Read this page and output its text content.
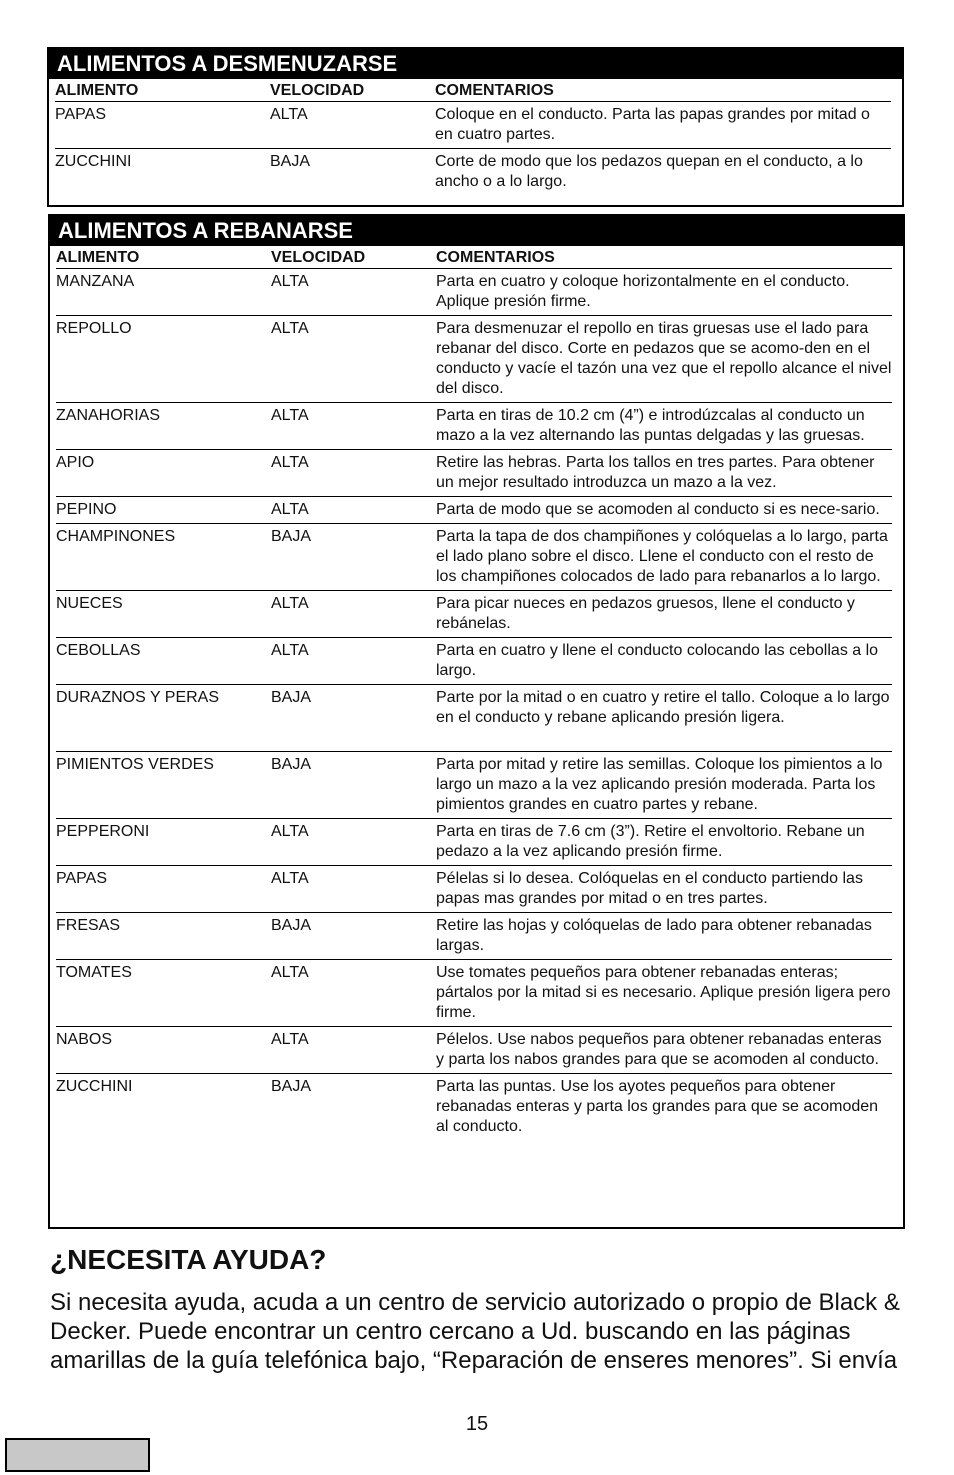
ALIMENTOS A DESMENUZARSE
ALIMENTO	VELOCIDAD	COMENTARIOS
PAPAS	ALTA	Coloque en el conducto. Parta las papas grandes por mitad o en cuatro partes.
ZUCCHINI	BAJA	Corte de modo que los pedazos quepan en el conducto, a lo ancho o a lo largo.
ALIMENTOS A REBANARSE
ALIMENTO	VELOCIDAD	COMENTARIOS
MANZANA	ALTA	Parta en cuatro y coloque horizontalmente en el conducto. Aplique presión firme.
REPOLLO	ALTA	Para desmenuzar el repollo en tiras gruesas use el lado para rebanar del disco. Corte en pedazos que se acomo-den en el conducto y vacíe el tazón una vez que el repollo alcance el nivel del disco.
ZANAHORIAS	ALTA	Parta en tiras de 10.2 cm (4”) e introdúzcalas al conducto un mazo a la vez alternando las puntas delgadas y las gruesas.
APIO	ALTA	Retire las hebras. Parta los tallos en tres partes. Para obtener un mejor resultado introduzca un mazo a la vez.
PEPINO	ALTA	Parta de modo que se acomoden al conducto si es nece-sario.
CHAMPINONES	BAJA	Parta la tapa de dos champiñones y colóquelas a lo largo, parta el lado plano sobre el disco. Llene el conducto con el resto de los champiñones colocados de lado para rebanarlos a lo largo.
NUECES	ALTA	Para picar nueces en pedazos gruesos, llene el conducto y rebánelas.
CEBOLLAS	ALTA	Parta en cuatro y llene el conducto colocando las cebollas a lo largo.
DURAZNOS Y PERAS	BAJA	Parte por la mitad o en cuatro y retire el tallo. Coloque a lo largo en el conducto y rebane aplicando presión ligera.
PIMIENTOS VERDES	BAJA	Parta por mitad y retire las semillas. Coloque los pimientos a lo largo un mazo a la vez aplicando presión moderada. Parta los pimientos grandes en cuatro partes y rebane.
PEPPERONI	ALTA	Parta en tiras de 7.6 cm (3”). Retire el envoltorio. Rebane un pedazo a la vez aplicando presión firme.
PAPAS	ALTA	Pélelas si lo desea. Colóquelas en el conducto partiendo las papas mas grandes por mitad o en tres partes.
FRESAS	BAJA	Retire las hojas y colóquelas de lado para obtener rebanadas largas.
TOMATES	ALTA	Use tomates pequeños para obtener rebanadas enteras; pártalos por la mitad si es necesario. Aplique presión ligera pero firme.
NABOS	ALTA	Pélelos. Use nabos pequeños para obtener rebanadas enteras y parta los nabos grandes para que se acomoden al conducto.
ZUCCHINI	BAJA	Parta las puntas. Use los ayotes pequeños para obtener rebanadas enteras y parta los grandes para que se acomoden al conducto.
¿NECESITA AYUDA?

Si necesita ayuda, acuda a un centro de servicio autorizado o propio de Black & Decker. Puede encontrar un centro cercano a Ud. buscando en las páginas amarillas de la guía telefónica bajo, “Reparación de enseres menores”. Si envía

15
